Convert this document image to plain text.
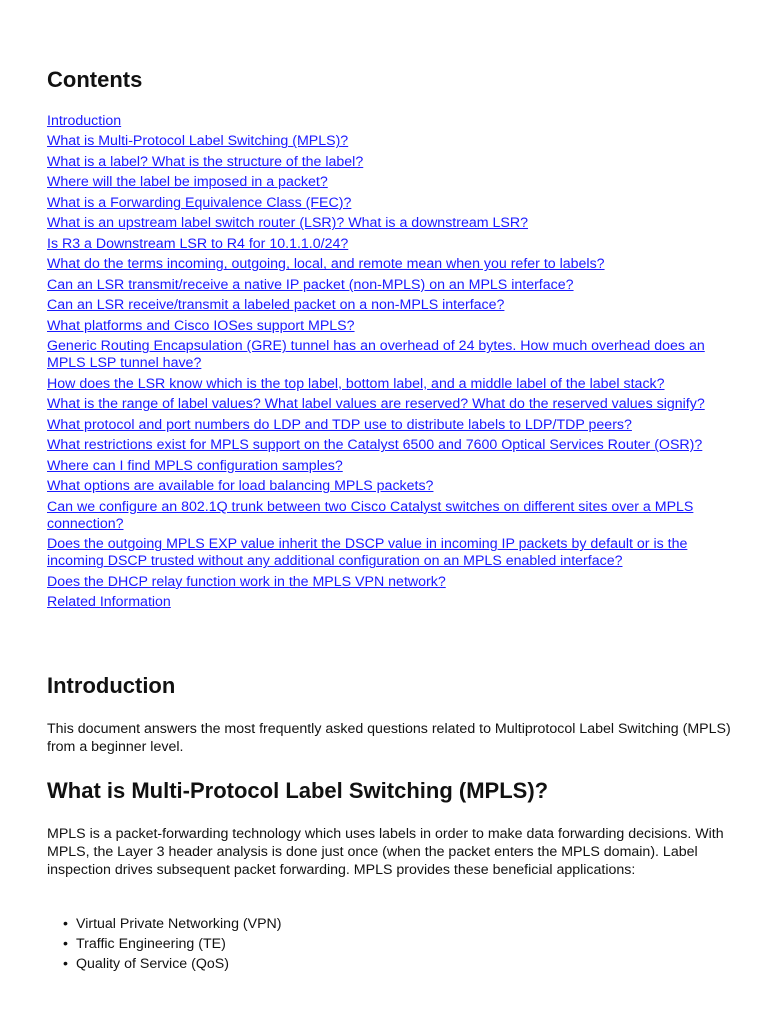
Contents
Introduction
What is Multi-Protocol Label Switching (MPLS)?
What is a label? What is the structure of the label?
Where will the label be imposed in a packet?
What is a Forwarding Equivalence Class (FEC)?
What is an upstream label switch router (LSR)? What is a downstream LSR?
Is R3 a Downstream LSR to R4 for 10.1.1.0/24?
What do the terms incoming, outgoing, local, and remote mean when you refer to labels?
Can an LSR transmit/receive a native IP packet (non-MPLS) on an MPLS interface?
Can an LSR receive/transmit a labeled packet on a non-MPLS interface?
What platforms and Cisco IOSes support MPLS?
Generic Routing Encapsulation (GRE) tunnel has an overhead of 24 bytes. How much overhead does an MPLS LSP tunnel have?
How does the LSR know which is the top label, bottom label, and a middle label of the label stack?
What is the range of label values? What label values are reserved? What do the reserved values signify?
What protocol and port numbers do LDP and TDP use to distribute labels to LDP/TDP peers?
What restrictions exist for MPLS support on the Catalyst 6500 and 7600 Optical Services Router (OSR)?
Where can I find MPLS configuration samples?
What options are available for load balancing MPLS packets?
Can we configure an 802.1Q trunk between two Cisco Catalyst switches on different sites over a MPLS connection?
Does the outgoing MPLS EXP value inherit the DSCP value in incoming IP packets by default or is the incoming DSCP trusted without any additional configuration on an MPLS enabled interface?
Does the DHCP relay function work in the MPLS VPN network?
Related Information
Introduction

This document answers the most frequently asked questions related to Multiprotocol Label Switching (MPLS) from a beginner level.

What is Multi-Protocol Label Switching (MPLS)?

MPLS is a packet-forwarding technology which uses labels in order to make data forwarding decisions. With MPLS, the Layer 3 header analysis is done just once (when the packet enters the MPLS domain). Label inspection drives subsequent packet forwarding. MPLS provides these beneficial applications:

• Virtual Private Networking (VPN)
• Traffic Engineering (TE)
• Quality of Service (QoS)
